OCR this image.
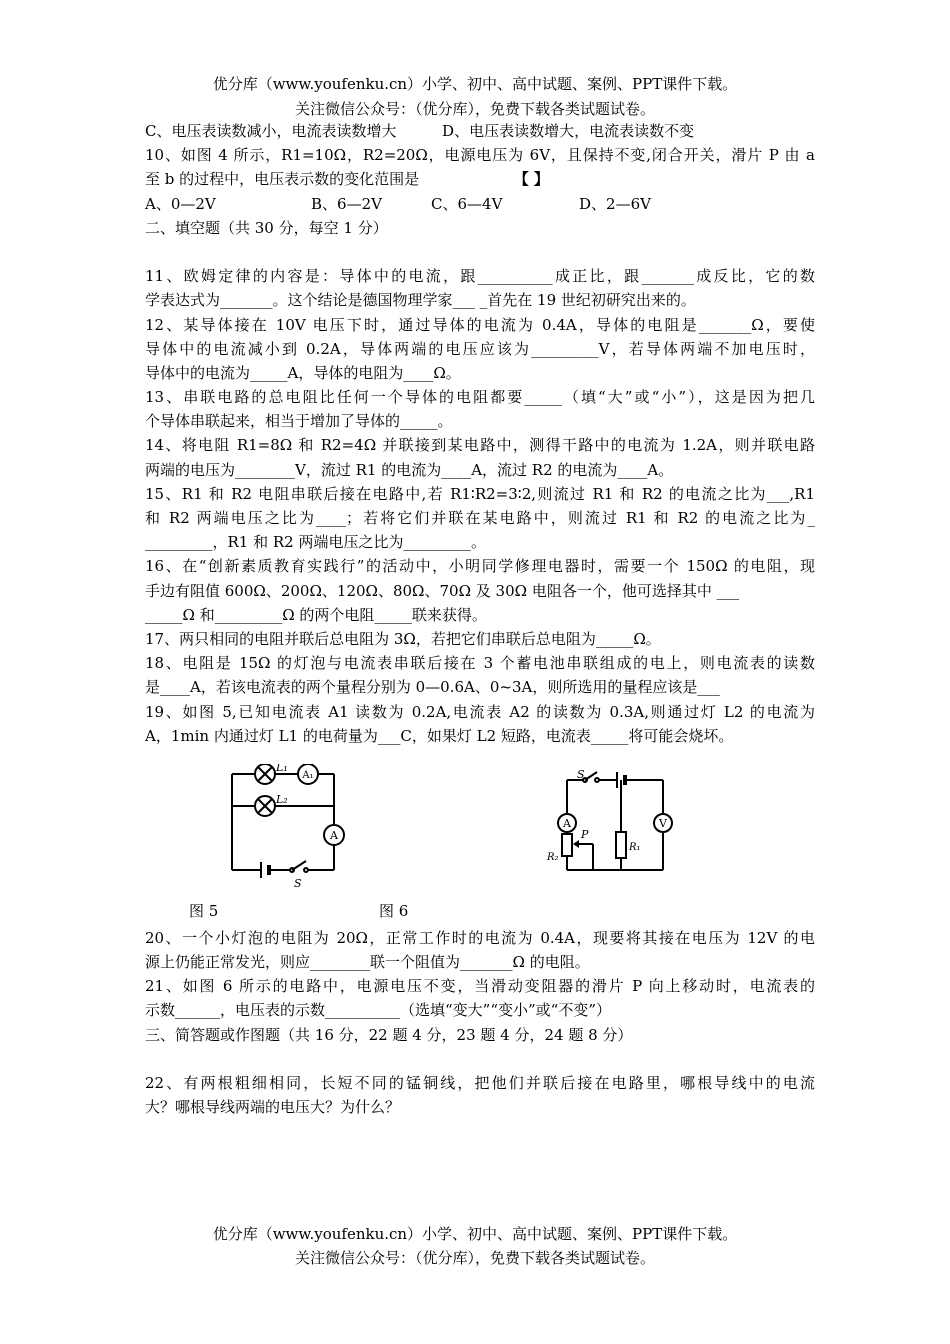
优分库（www.youfenku.cn）小学、初中、高中试题、案例、PPT课件下载。
关注微信公众号：（优分库），免费下载各类试题试卷。
C、电压表读数减小，电流表读数增大	D、电压表读数增大，电流表读数不变
10、如图 4 所示，R1=10Ω，R2=20Ω，电源电压为 6V，且保持不变,闭合开关，滑片 P 由 a
至 b 的过程中，电压表示数的变化范围是	【 】
A、0—2V	B、6—2V	C、6—4V	D、2—6V
二、填空题（共 30 分，每空 1 分）
11、欧姆定律的内容是：导体中的电流，跟__________成正比，跟_______成反比，它的数
学表达式为_______。这个结论是德国物理学家___ _首先在 19 世纪初研究出来的。
12、某导体接在 10V 电压下时，通过导体的电流为 0.4A，导体的电阻是_______Ω，要使
导体中的电流减小到 0.2A，导体两端的电压应该为_________V，若导体两端不加电压时，
导体中的电流为_____A，导体的电阻为____Ω。
13、串联电路的总电阻比任何一个导体的电阻都要_____（填“大”或“小”），这是因为把几
个导体串联起来，相当于增加了导体的_____。
14、将电阻 R1=8Ω 和 R2=4Ω 并联接到某电路中，测得干路中的电流为 1.2A，则并联电路
两端的电压为________V，流过 R1 的电流为____A，流过 R2 的电流为____A。
15、R1 和 R2 电阻串联后接在电路中,若 R1∶R2=3∶2,则流过 R1 和 R2 的电流之比为___,R1
和 R2 两端电压之比为____；若将它们并联在某电路中，则流过 R1 和 R2 的电流之比为_
_________，R1 和 R2 两端电压之比为_________。
16、在“创新素质教育实践行”的活动中，小明同学修理电器时，需要一个 150Ω 的电阻，现
手边有阻值 600Ω、200Ω、120Ω、80Ω、70Ω 及 30Ω 电阻各一个，他可选择其中 ___
_____Ω 和_________Ω 的两个电阻_____联来获得。
17、两只相同的电阻并联后总电阻为 3Ω，若把它们串联后总电阻为_____Ω。
18、电阻是 15Ω 的灯泡与电流表串联后接在 3 个蓄电池串联组成的电上，则电流表的读数
是____A，若该电流表的两个量程分别为 0—0.6A、0~3A，则所选用的量程应该是___
19、如图 5,已知电流表 A1 读数为 0.2A,电流表 A2 的读数为 0.3A,则通过灯 L2 的电流为
A，1min 内通过灯 L1 的电荷量为___C，如果灯 L2 短路，电流表_____将可能会烧坏。
A₁
A
L₁
L₂
S
A	V
S
P
R₂
R₁
图 5	图 6
20、一个小灯泡的电阻为 20Ω，正常工作时的电流为 0.4A，现要将其接在电压为 12V 的电
源上仍能正常发光，则应________联一个阻值为_______Ω 的电阻。
21、如图 6 所示的电路中，电源电压不变，当滑动变阻器的滑片 P 向上移动时，电流表的
示数______，电压表的示数__________（选填“变大”“变小”或“不变”）
三、简答题或作图题（共 16 分，22 题 4 分，23 题 4 分，24 题 8 分）
22、有两根粗细相同，长短不同的锰铜线，把他们并联后接在电路里，哪根导线中的电流
大？哪根导线两端的电压大？为什么？
优分库（www.youfenku.cn）小学、初中、高中试题、案例、PPT课件下载。
关注微信公众号：（优分库），免费下载各类试题试卷。
